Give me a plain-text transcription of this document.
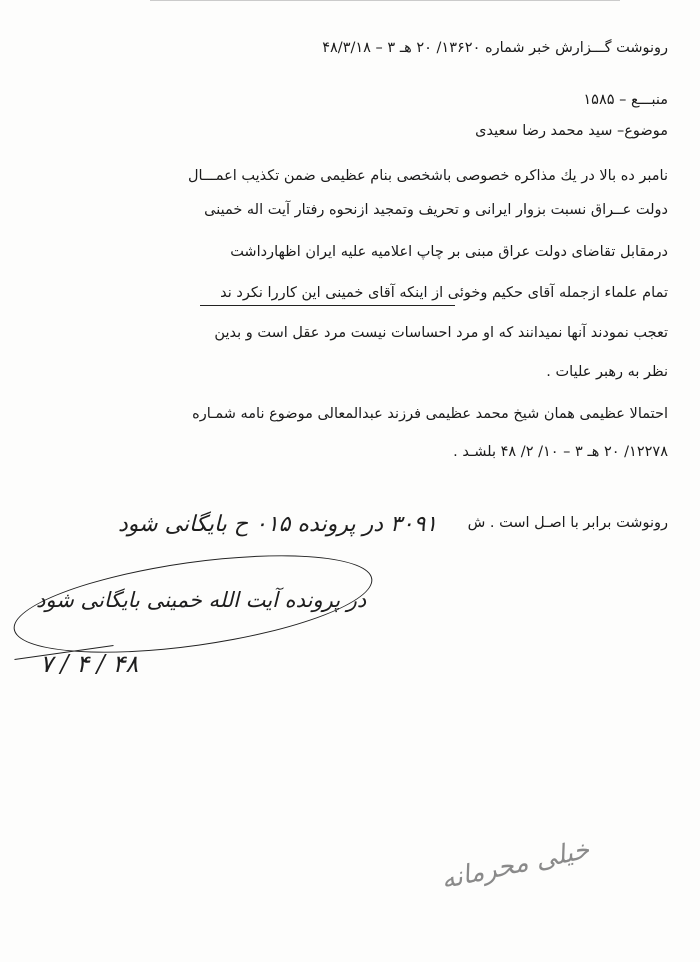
رونوشت گـــزارش خبر شماره ۱۳۶۲۰/ ۲۰ هـ ۳ – ۴۸/۳/۱۸
منبـــع – ۱۵۸۵
موضوع– سید محمد رضا سعیدی
نامبر ده بالا در یك مذاكره خصوصی باشخصی بنام عظیمی ضمن تكذیب اعمـــال
دولت عــراق نسبت بزوار ایرانی و تحریف وتمجید ازنحوه رفتار آیت اله خمینی
درمقابل تقاضای دولت عراق مبنی بر چاپ اعلامیه علیه ایران اظهارداشت
تمام علماء ازجمله آقای حكیم وخوئی از اینكه آقای خمینی این كاررا نكرد ند
تعجب نمودند آنها نمیدانند كه او مرد احساسات نیست مرد عقل است و بدین
نظر به رهبر علیات .
احتمالا عظیمی همان شیخ محمد عظیمی فرزند عبدالمعالی موضوع نامه شمـاره
۱۲۲۷۸/ ۲۰ هـ ۳ – ۱۰/ ۲/ ۴۸ بلشـد .
رونوشت برابر با اصـل است . ش
۳۰۹۱ در پرونده ۰۱۵ ح بایگانی شود
در پرونده آیت الله خمینی بایگانی شود
۴۸ / ۴ / ۷
خیلی محرمانه
